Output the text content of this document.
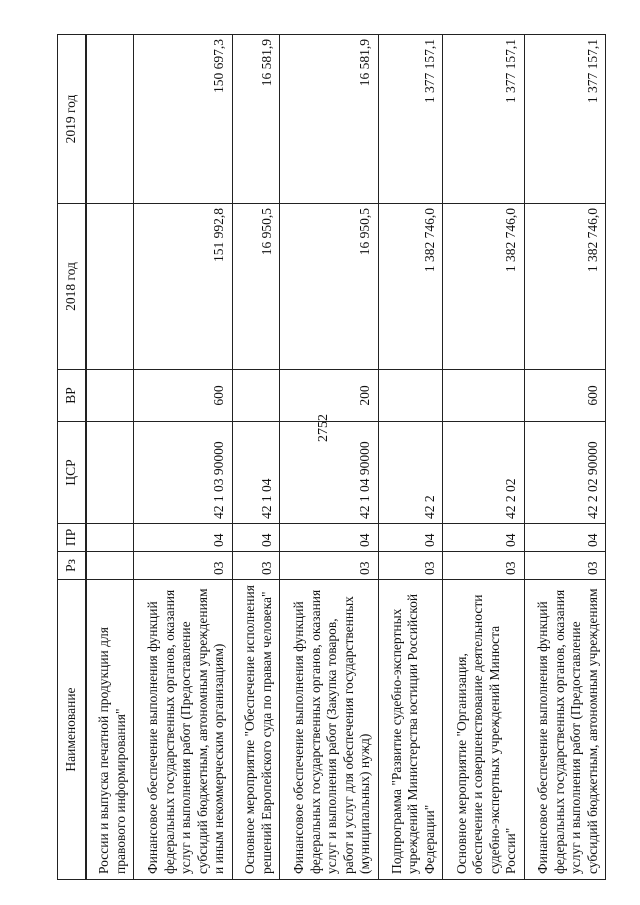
2752
Наименование	Рз	ПР	ЦСР	ВР	2018 год	2019 год
России и выпуска печатной продукции для правового информирования"						
Финансовое обеспечение выполнения функций федеральных государственных органов, оказания услуг и выполнения работ (Предоставление субсидий бюджетным, автономным учреждениям и иным некоммерческим организациям)	03	04	42 1 03 90000	600	151 992,8	150 697,3
Основное мероприятие "Обеспечение исполнения решений Европейского суда по правам человека"	03	04	42 1 04		16 950,5	16 581,9
Финансовое обеспечение выполнения функций федеральных государственных органов, оказания услуг и выполнения работ (Закупка товаров, работ и услуг для обеспечения государственных (муниципальных) нужд)	03	04	42 1 04 90000	200	16 950,5	16 581,9
Подпрограмма "Развитие судебно-экспертных учреждений Министерства юстиции Российской Федерации"	03	04	42 2		1 382 746,0	1 377 157,1
Основное мероприятие "Организация, обеспечение и совершенствование деятельности судебно-экспертных учреждений Минюста России"	03	04	42 2 02		1 382 746,0	1 377 157,1
Финансовое обеспечение выполнения функций федеральных государственных органов, оказания услуг и выполнения работ (Предоставление субсидий бюджетным, автономным учреждениям	03	04	42 2 02 90000	600	1 382 746,0	1 377 157,1
